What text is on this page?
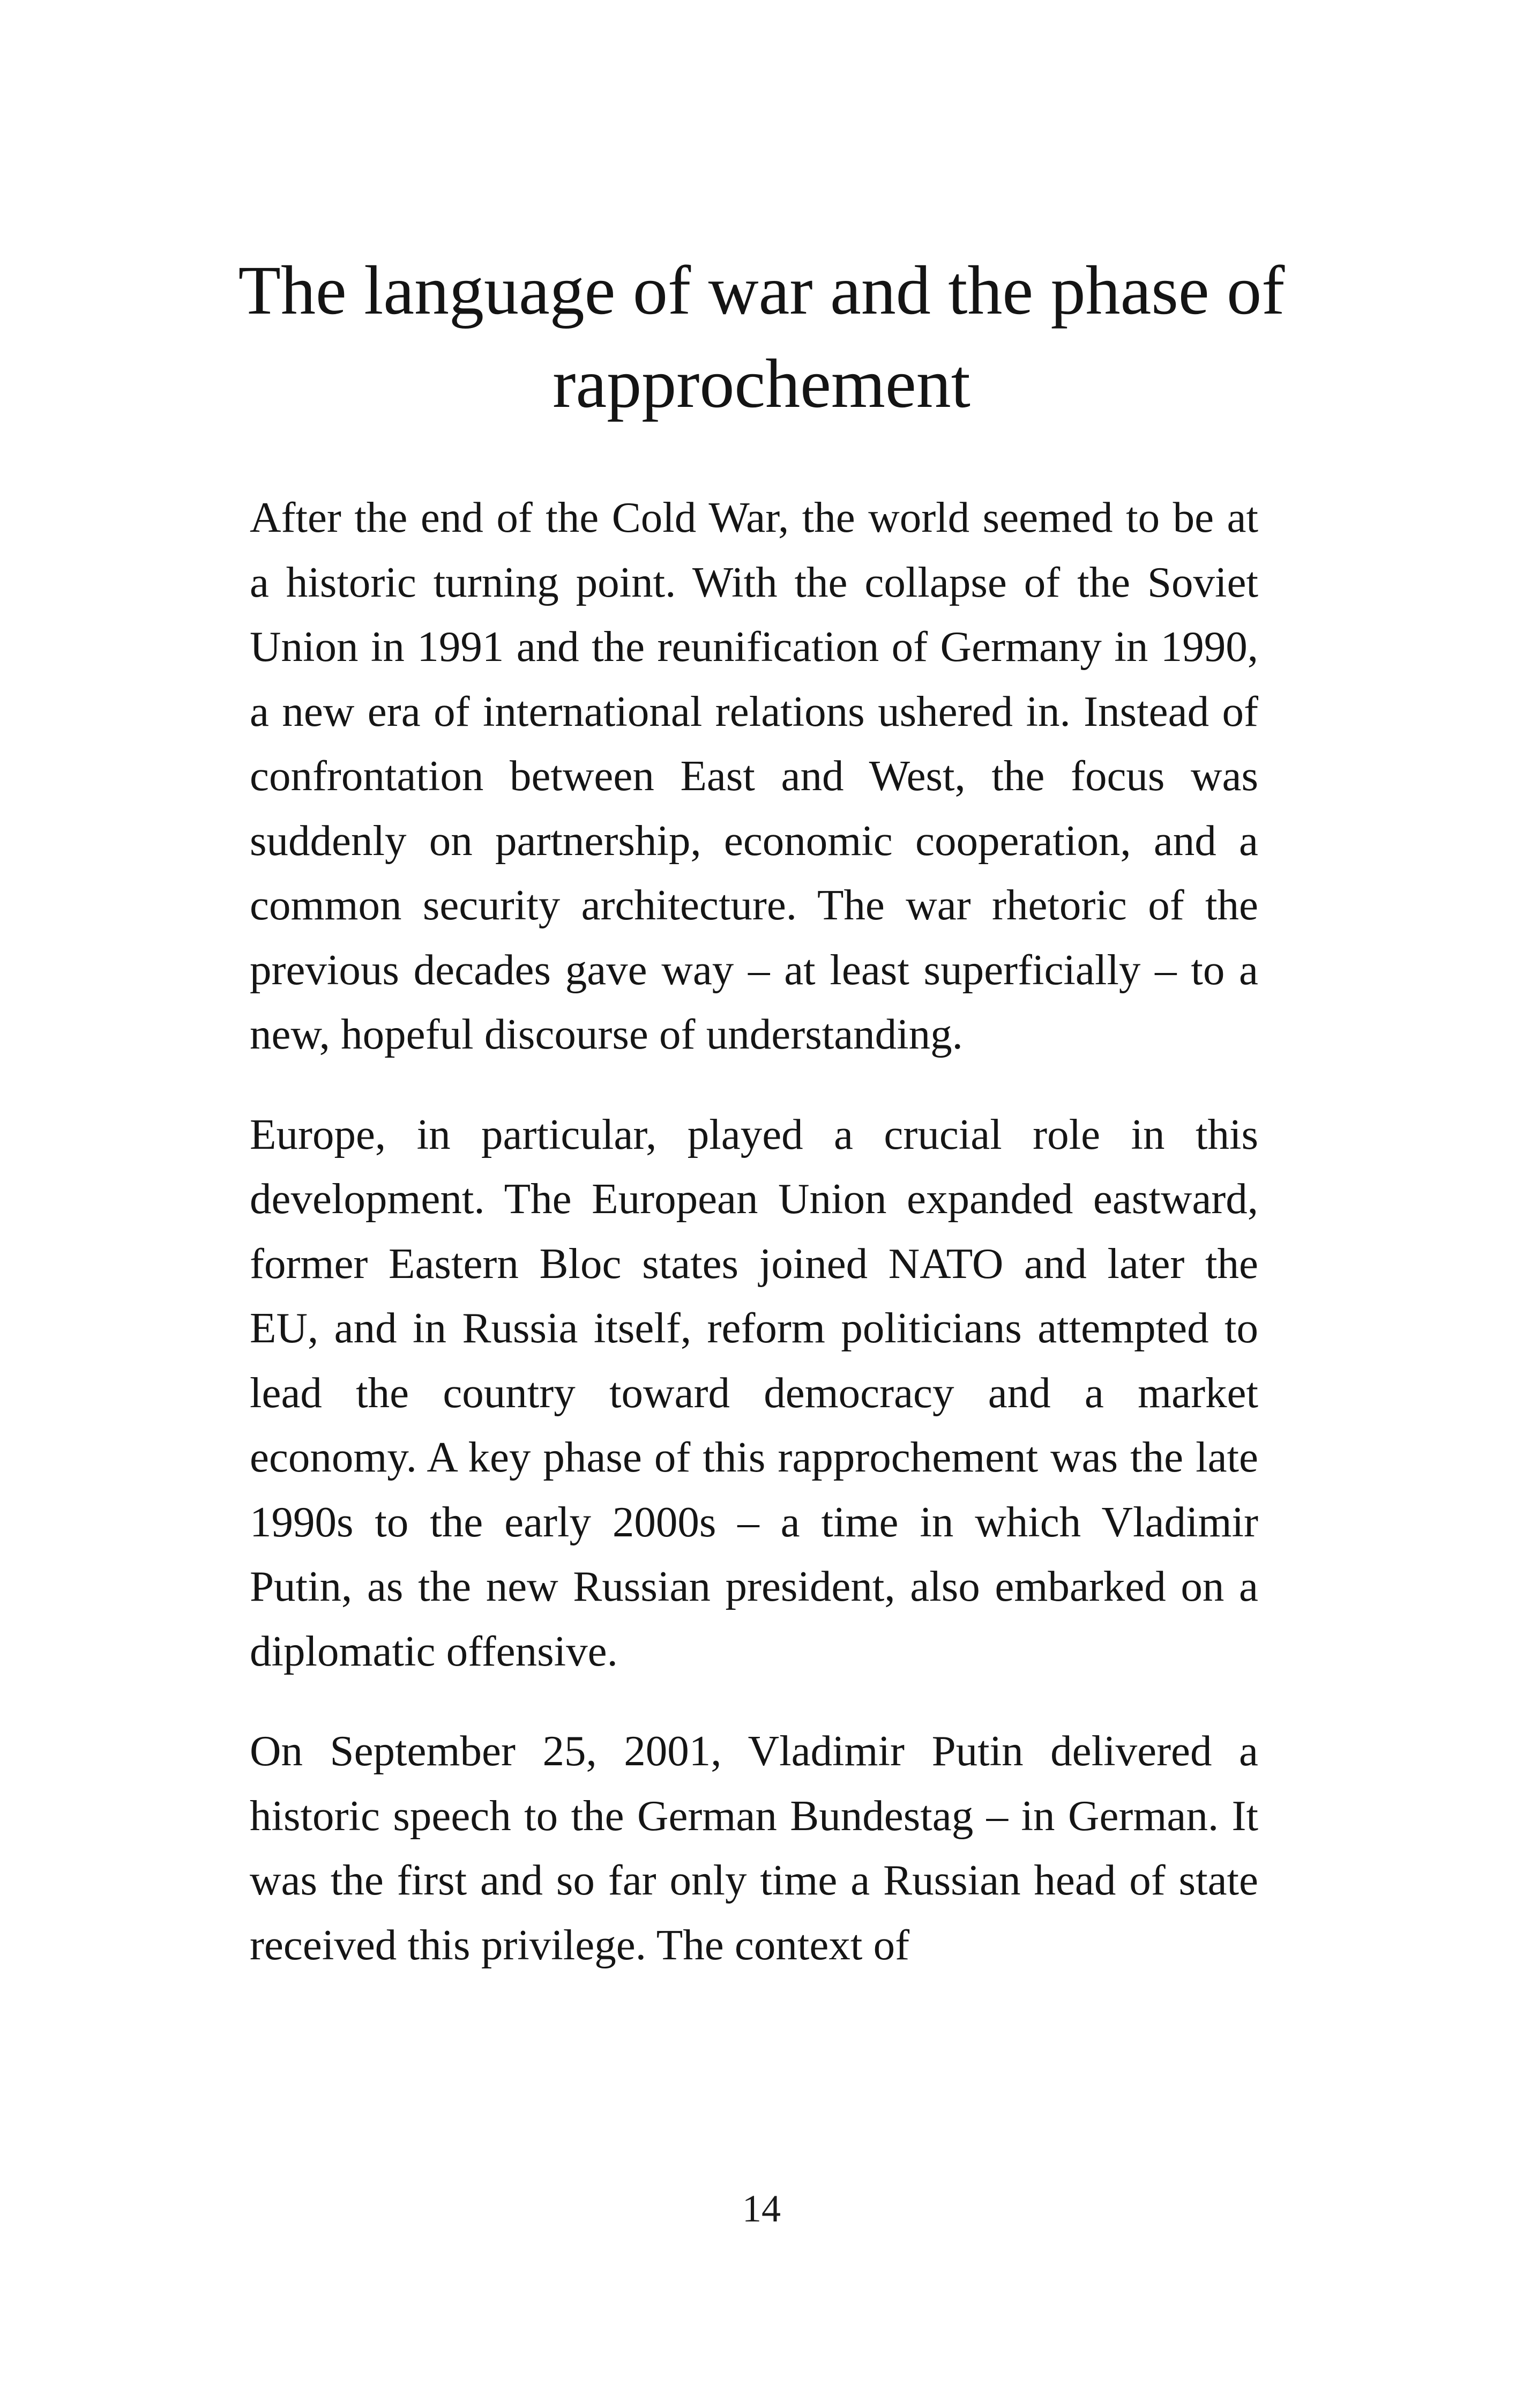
The language of war and the phase of rapprochement

After the end of the Cold War, the world seemed to be at a historic turning point. With the collapse of the Soviet Union in 1991 and the reunification of Germany in 1990, a new era of international relations ushered in. Instead of confrontation between East and West, the focus was suddenly on partnership, economic cooperation, and a common security architecture. The war rhetoric of the previous decades gave way – at least superficially – to a new, hopeful discourse of understanding.

Europe, in particular, played a crucial role in this development. The European Union expanded eastward, former Eastern Bloc states joined NATO and later the EU, and in Russia itself, reform politicians attempted to lead the country toward democracy and a market economy. A key phase of this rapprochement was the late 1990s to the early 2000s – a time in which Vladimir Putin, as the new Russian president, also embarked on a diplomatic offensive.

On September 25, 2001, Vladimir Putin delivered a historic speech to the German Bundestag – in German. It was the first and so far only time a Russian head of state received this privilege. The context of

14
